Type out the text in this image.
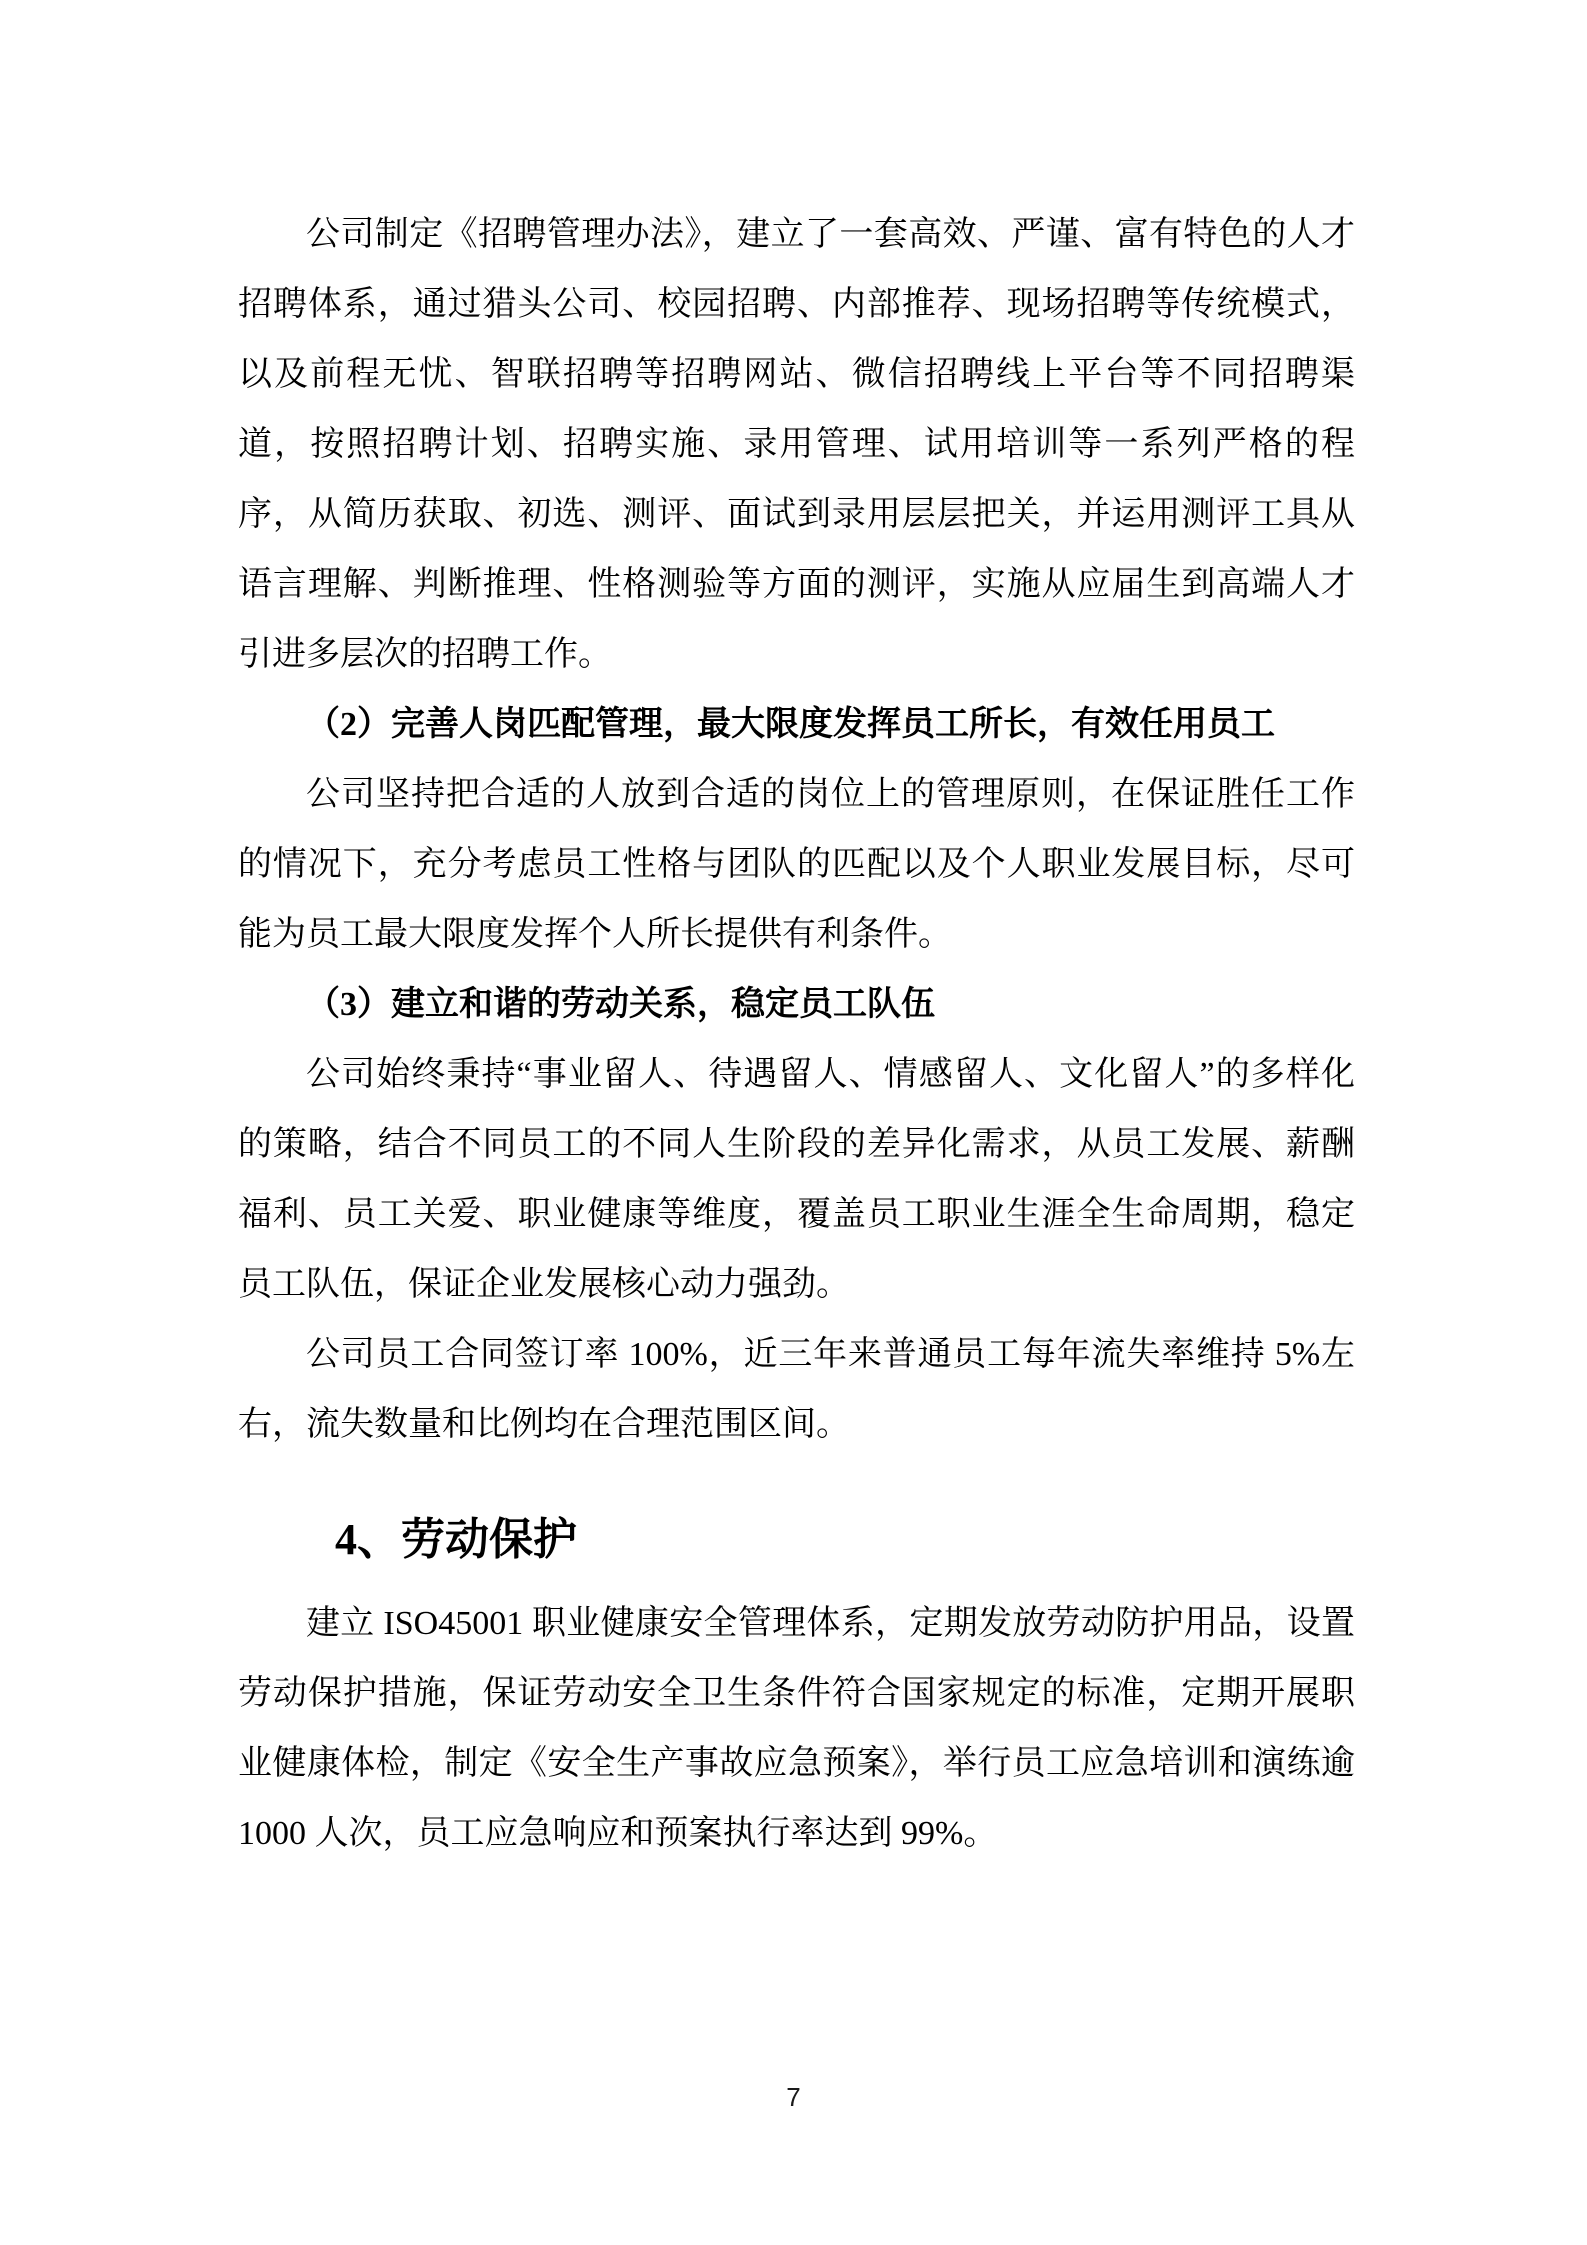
公司制定《招聘管理办法》，建立了一套高效、严谨、富有特色的人才招聘体系，通过猎头公司、校园招聘、内部推荐、现场招聘等传统模式，以及前程无忧、智联招聘等招聘网站、微信招聘线上平台等不同招聘渠道，按照招聘计划、招聘实施、录用管理、试用培训等一系列严格的程序，从简历获取、初选、测评、面试到录用层层把关，并运用测评工具从语言理解、判断推理、性格测验等方面的测评，实施从应届生到高端人才引进多层次的招聘工作。

（2）完善人岗匹配管理，最大限度发挥员工所长，有效任用员工

公司坚持把合适的人放到合适的岗位上的管理原则，在保证胜任工作的情况下，充分考虑员工性格与团队的匹配以及个人职业发展目标，尽可能为员工最大限度发挥个人所长提供有利条件。

（3）建立和谐的劳动关系，稳定员工队伍

公司始终秉持“事业留人、待遇留人、情感留人、文化留人”的多样化的策略，结合不同员工的不同人生阶段的差异化需求，从员工发展、薪酬福利、员工关爱、职业健康等维度，覆盖员工职业生涯全生命周期，稳定员工队伍，保证企业发展核心动力强劲。

公司员工合同签订率 100%，近三年来普通员工每年流失率维持 5%左右，流失数量和比例均在合理范围区间。

4、劳动保护

建立 ISO45001 职业健康安全管理体系，定期发放劳动防护用品，设置劳动保护措施，保证劳动安全卫生条件符合国家规定的标准，定期开展职业健康体检，制定《安全生产事故应急预案》，举行员工应急培训和演练逾 1000 人次，员工应急响应和预案执行率达到 99%。

7
